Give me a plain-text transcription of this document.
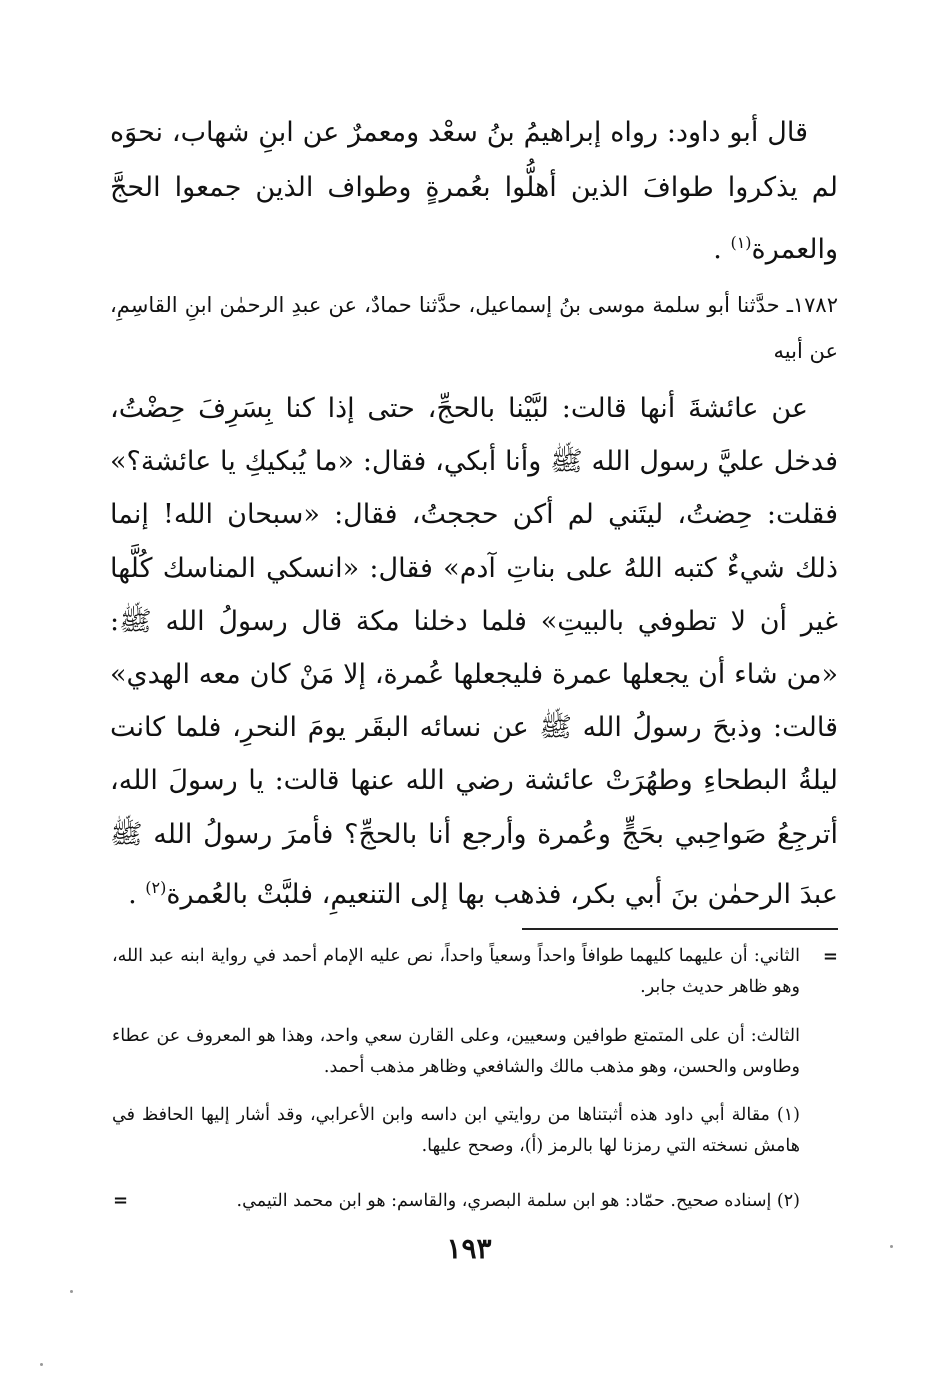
قال أبو داود: رواه إبراهيمُ بنُ سعْد ومعمرٌ عن ابنِ شهاب، نحوَه لم يذكروا طوافَ الذين أهلُّوا بعُمرةٍ وطواف الذين جمعوا الحجَّ والعمرة$^{(١)}$ .

١٧٨٢ـ حدَّثنا أبو سلمة موسى بنُ إسماعيل، حدَّثنا حمادٌ، عن عبدِ الرحمٰن ابنِ القاسِمِ، عن أبيه

عن عائشةَ أنها قالت: لبَّيْنا بالحجِّ، حتى إذا كنا بِسَرِفَ حِضْتُ، فدخل عليَّ رسول الله ﷺ وأنا أبكي، فقال: «ما يُبكيكِ يا عائشة؟» فقلت: حِضتُ، ليتَني لم أكن حججتُ، فقال: «سبحان الله! إنما ذلك شيءٌ كتبه اللهُ على بناتِ آدم» فقال: «انسكي المناسك كُلَّها غير أن لا تطوفي بالبيتِ» فلما دخلنا مكة قال رسولُ الله ﷺ: «من شاء أن يجعلها عمرة فليجعلها عُمرة، إلا مَنْ كان معه الهدي» قالت: وذبحَ رسولُ الله ﷺ عن نسائه البقَر يومَ النحرِ، فلما كانت ليلةُ البطحاءِ وطهُرَتْ عائشة رضي الله عنها قالت: يا رسولَ الله، أترجِعُ صَواحِبي بحَجٍّ وعُمرة وأرجع أنا بالحجِّ؟ فأمرَ رسولُ الله ﷺ عبدَ الرحمٰن بنَ أبي بكر، فذهب بها إلى التنعيمِ، فلبَّتْ بالعُمرة$^{(٢)}$ .

=

الثاني: أن عليهما كليهما طوافاً واحداً وسعياً واحداً، نص عليه الإمام أحمد في رواية ابنه عبد الله، وهو ظاهر حديث جابر.

الثالث: أن على المتمتع طوافين وسعيين، وعلى القارن سعي واحد، وهذا هو المعروف عن عطاء وطاوس والحسن، وهو مذهب مالك والشافعي وظاهر مذهب أحمد.

(١) مقالة أبي داود هذه أثبتناها من روايتي ابن داسه وابن الأعرابي، وقد أشار إليها الحافظ في هامش نسخته التي رمزنا لها بالرمز (أ)، وصحح عليها.

(٢) إسناده صحيح. حمّاد: هو ابن سلمة البصري، والقاسم: هو ابن محمد التيمي.

=
١٩٣
